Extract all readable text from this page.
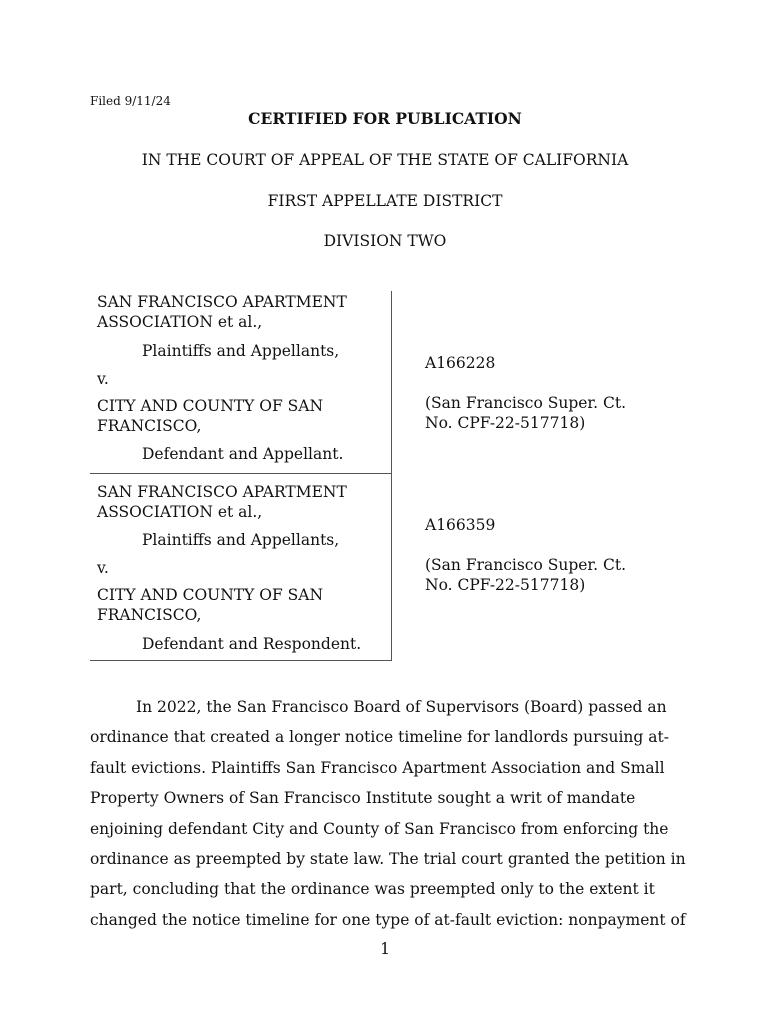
Filed 9/11/24
CERTIFIED FOR PUBLICATION
IN THE COURT OF APPEAL OF THE STATE OF CALIFORNIA
FIRST APPELLATE DISTRICT
DIVISION TWO
SAN FRANCISCO APARTMENT
ASSOCIATION et al.,
Plaintiffs and Appellants,
v.
CITY AND COUNTY OF SAN
FRANCISCO,
Defendant and Appellant.
SAN FRANCISCO APARTMENT
ASSOCIATION et al.,
Plaintiffs and Appellants,
v.
CITY AND COUNTY OF SAN
FRANCISCO,
Defendant and Respondent.
A166228
(San Francisco Super. Ct.
No. CPF-22-517718)
A166359
(San Francisco Super. Ct.
No. CPF-22-517718)
In 2022, the San Francisco Board of Supervisors (Board) passed an
ordinance that created a longer notice timeline for landlords pursuing at-
fault evictions. Plaintiffs San Francisco Apartment Association and Small
Property Owners of San Francisco Institute sought a writ of mandate
enjoining defendant City and County of San Francisco from enforcing the
ordinance as preempted by state law. The trial court granted the petition in
part, concluding that the ordinance was preempted only to the extent it
changed the notice timeline for one type of at-fault eviction: nonpayment of
1
